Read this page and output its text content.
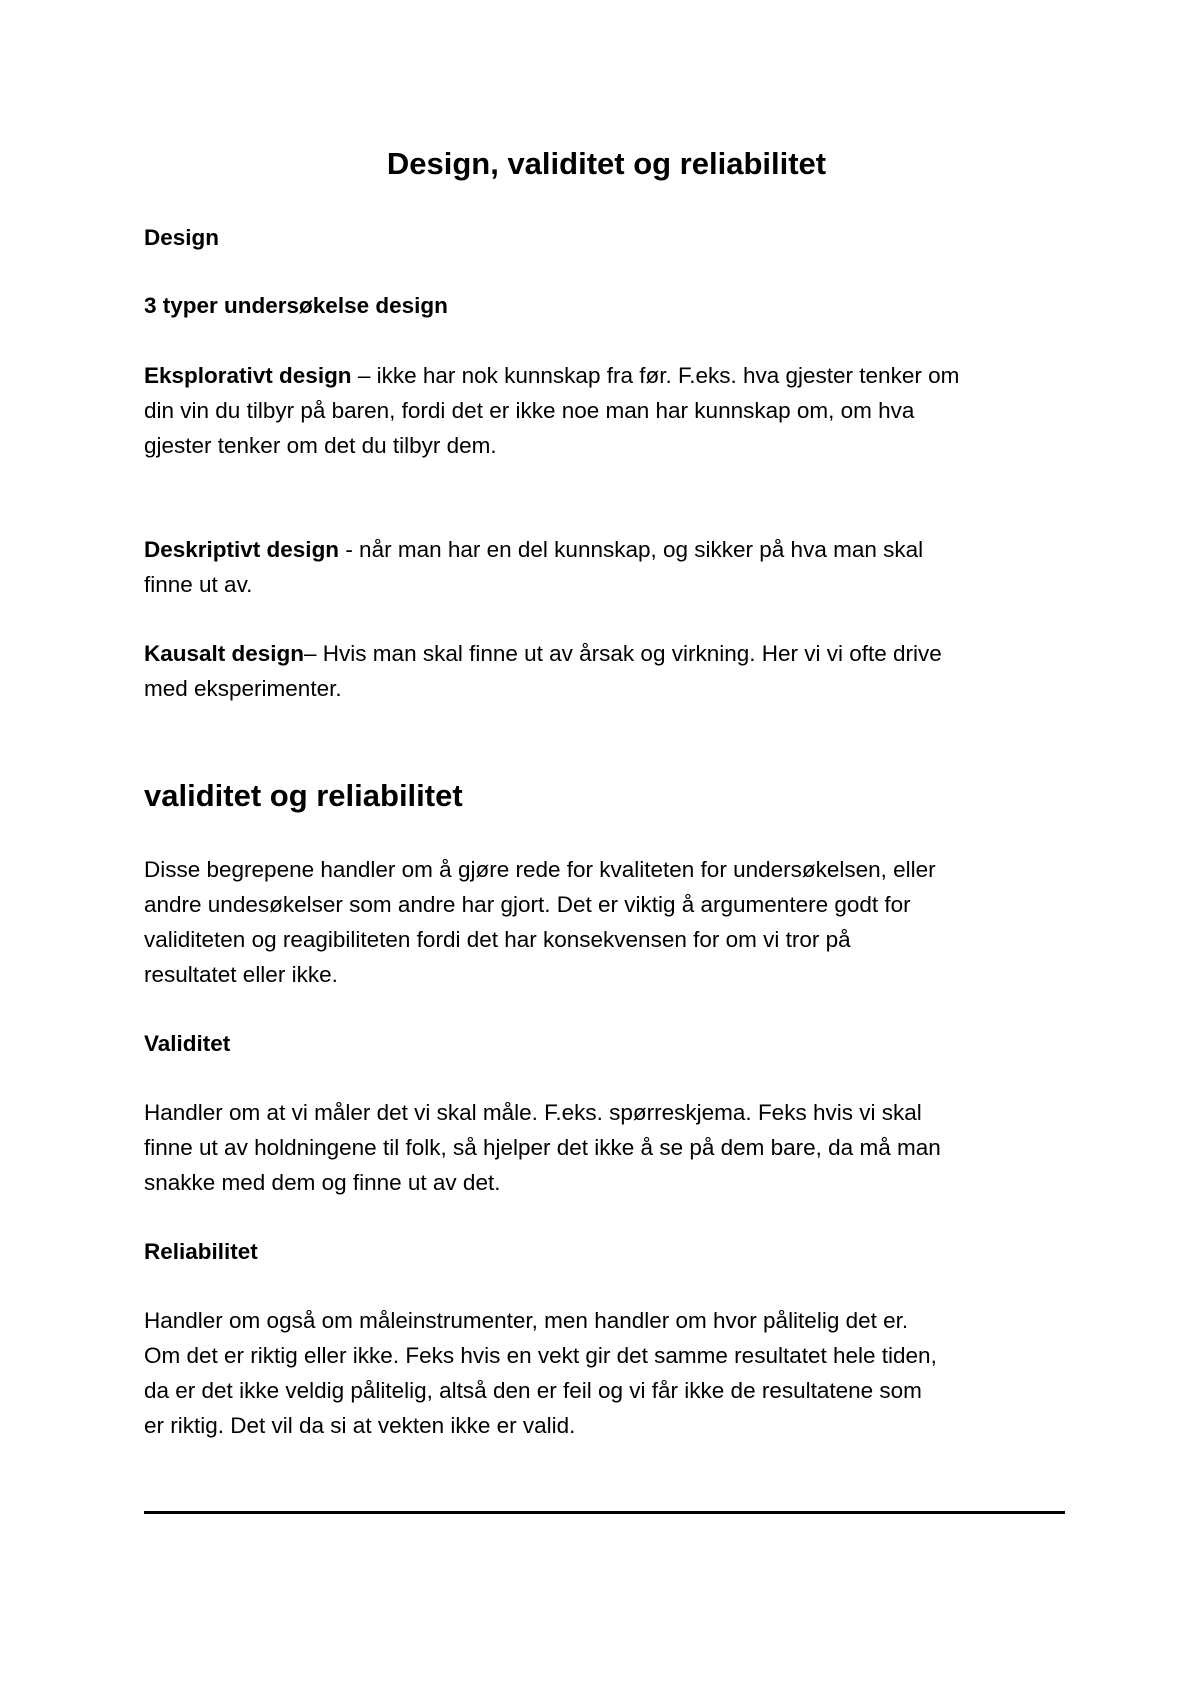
Design, validitet og reliabilitet
Design
3 typer undersøkelse design
Eksplorativt design – ikke har nok kunnskap fra før. F.eks. hva gjester tenker om
din vin du tilbyr på baren, fordi det er ikke noe man har kunnskap om, om hva
gjester tenker om det du tilbyr dem.
Deskriptivt design - når man har en del kunnskap, og sikker på hva man skal
finne ut av.
Kausalt design– Hvis man skal finne ut av årsak og virkning. Her vi vi ofte drive
med eksperimenter.
validitet og reliabilitet
Disse begrepene handler om å gjøre rede for kvaliteten for undersøkelsen, eller
andre undesøkelser som andre har gjort. Det er viktig å argumentere godt for
validiteten og reagibiliteten fordi det har konsekvensen for om vi tror på
resultatet eller ikke.
Validitet
Handler om at vi måler det vi skal måle. F.eks. spørreskjema. Feks hvis vi skal
finne ut av holdningene til folk, så hjelper det ikke å se på dem bare, da må man
snakke med dem og finne ut av det.
Reliabilitet
Handler om også om måleinstrumenter, men handler om hvor pålitelig det er.
Om det er riktig eller ikke. Feks hvis en vekt gir det samme resultatet hele tiden,
da er det ikke veldig pålitelig, altså den er feil og vi får ikke de resultatene som
er riktig. Det vil da si at vekten ikke er valid.
